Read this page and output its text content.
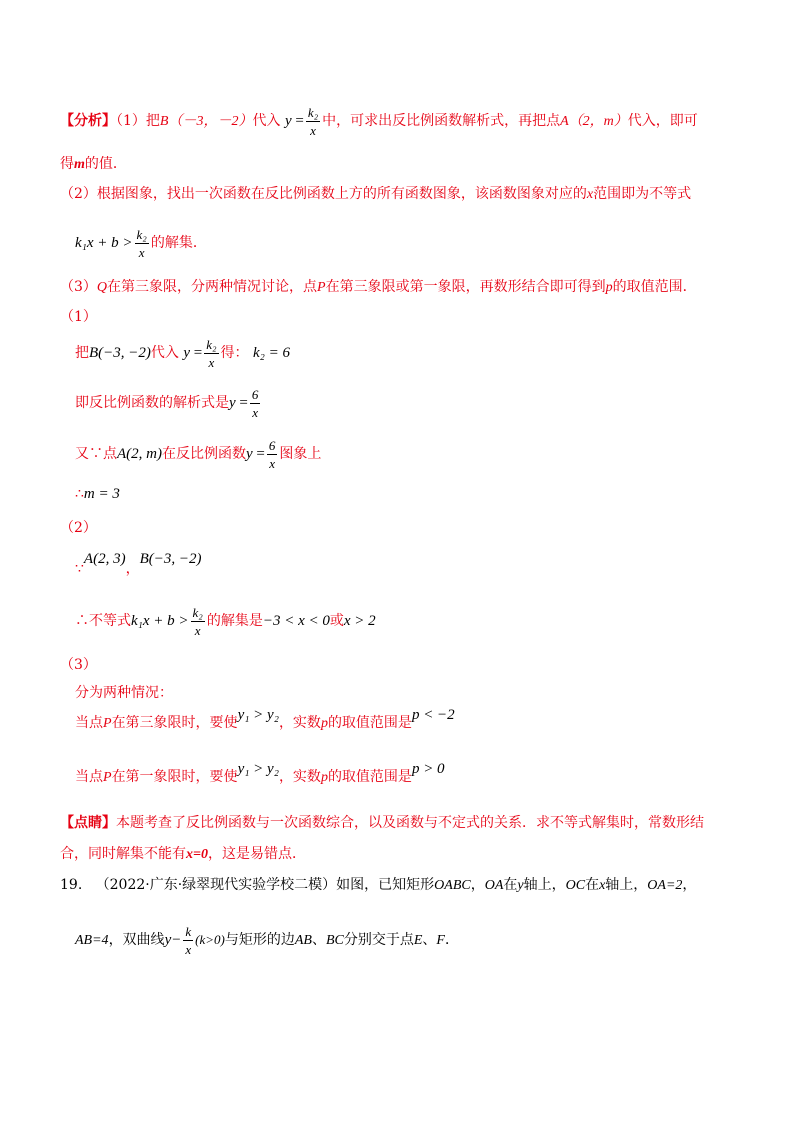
【分析】（1）把B（－3，－2）代入 $y = \frac{\text{k₂}}{x}$ 中，可求出反比例函数解析式，再把点A（2，m）代入，即可
得m的值．
（2）根据图象，找出一次函数在反比例函数上方的所有函数图象，该函数图象对应的x范围即为不等式
$k_1x + b > \frac{\text{k₂}}{x}$ 的解集．
（3）Q在第三象限，分两种情况讨论，点P在第三象限或第一象限，再数形结合即可得到p的取值范围．
（1）
把B(−3, −2)代入 $y = \frac{\text{k₂}}{x}$ 得： k₂ = 6
即反比例函数的解析式是$y = \frac{6}{x}$
又∵点A(2, m)在反比例函数$y = \frac{6}{x}$ 图象上
∴m = 3
（2）
∵A(2, 3)，B(−3, −2)
∴不等式$k_1x + b > \frac{\text{k₂}}{x}$ 的解集是−3 < x < 0或x > 2
（3）
分为两种情况：
当点P在第三象限时，要使y₁ > y₂，实数p的取值范围是p < −2
当点P在第一象限时，要使y₁ > y₂，实数p的取值范围是p > 0
【点睛】本题考查了反比例函数与一次函数综合，以及函数与不定式的关系．求不等式解集时，常数形结
合，同时解集不能有x=0，这是易错点．
19. （2022·广东·绿翠现代实验学校二模）如图，已知矩形OABC，OA在y轴上，OC在x轴上，OA=2，
AB=4，双曲线$y- \frac{k}{x} (k>0)$与矩形的边AB、BC分别交于点E、F．
